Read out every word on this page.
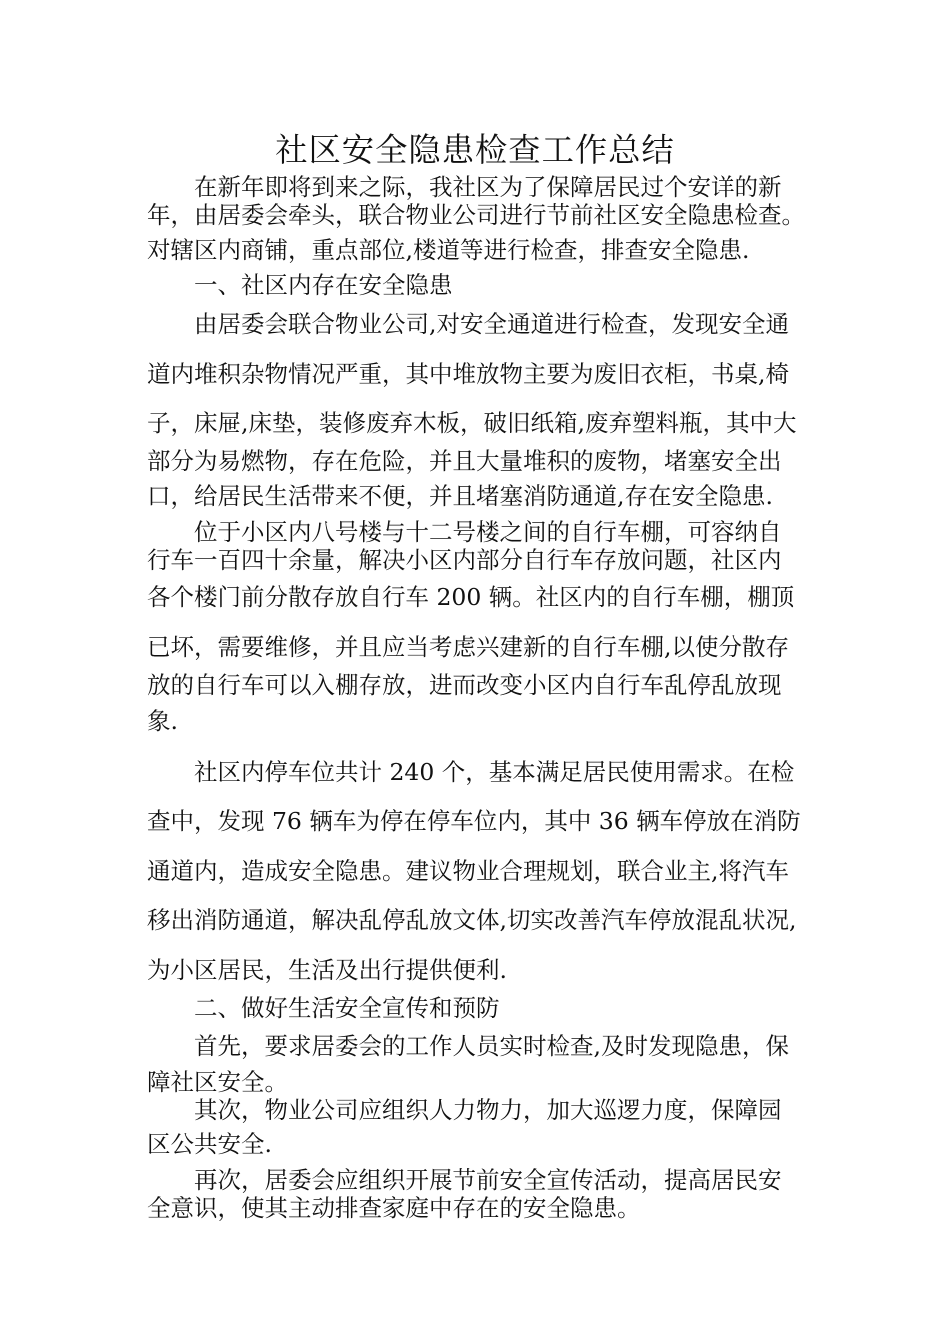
社区安全隐患检查工作总结
在新年即将到来之际，我社区为了保障居民过个安详的新
年，由居委会牵头，联合物业公司进行节前社区安全隐患检查。
对辖区内商铺，重点部位,楼道等进行检查，排查安全隐患.
一、社区内存在安全隐患
由居委会联合物业公司,对安全通道进行检查，发现安全通
道内堆积杂物情况严重，其中堆放物主要为废旧衣柜，书桌,椅
子，床屉,床垫，装修废弃木板，破旧纸箱,废弃塑料瓶，其中大
部分为易燃物，存在危险，并且大量堆积的废物，堵塞安全出
口，给居民生活带来不便，并且堵塞消防通道,存在安全隐患.
位于小区内八号楼与十二号楼之间的自行车棚，可容纳自
行车一百四十余量，解决小区内部分自行车存放问题，社区内
各个楼门前分散存放自行车 200 辆。社区内的自行车棚，棚顶
已坏，需要维修，并且应当考虑兴建新的自行车棚,以使分散存
放的自行车可以入棚存放，进而改变小区内自行车乱停乱放现
象.
社区内停车位共计 240 个，基本满足居民使用需求。在检
查中，发现 76 辆车为停在停车位内，其中 36 辆车停放在消防
通道内，造成安全隐患。建议物业合理规划，联合业主,将汽车
移出消防通道，解决乱停乱放文体,切实改善汽车停放混乱状况,
为小区居民，生活及出行提供便利.
二、做好生活安全宣传和预防
首先，要求居委会的工作人员实时检查,及时发现隐患，保
障社区安全。
其次，物业公司应组织人力物力，加大巡逻力度，保障园
区公共安全.
再次，居委会应组织开展节前安全宣传活动，提高居民安
全意识，使其主动排查家庭中存在的安全隐患。
